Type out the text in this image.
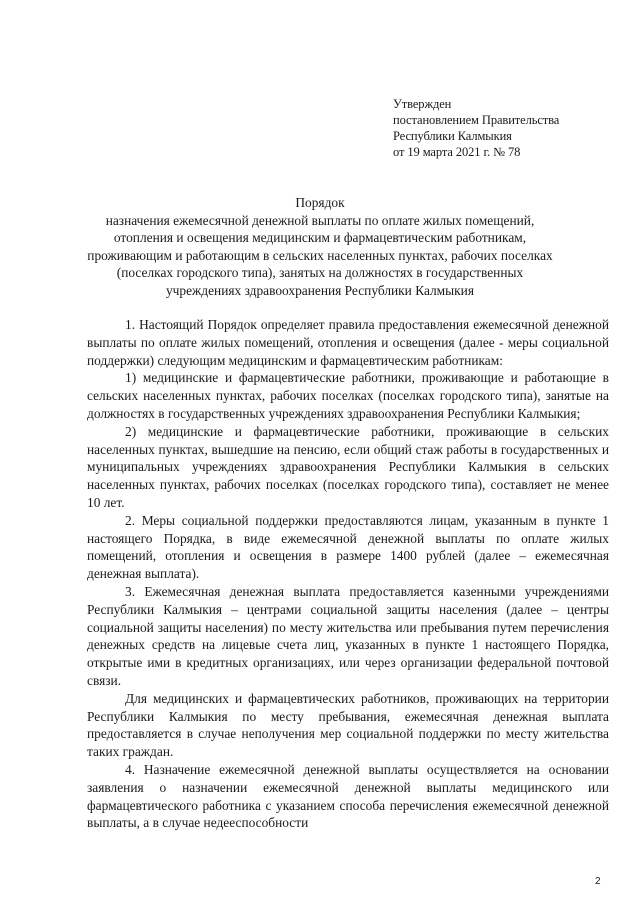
Утвержден
постановлением Правительства
Республики Калмыкия
от 19 марта 2021 г. № 78
Порядок
назначения ежемесячной денежной выплаты по оплате жилых помещений,
отопления и освещения медицинским и фармацевтическим работникам,
проживающим и работающим в сельских населенных пунктах, рабочих поселках
(поселках городского типа), занятых на должностях в государственных
учреждениях здравоохранения Республики Калмыкия

1. Настоящий Порядок определяет правила предоставления ежемесячной денежной выплаты по оплате жилых помещений, отопления и освещения (далее - меры социальной поддержки) следующим медицинским и фармацевтическим работникам:

1) медицинские и фармацевтические работники, проживающие и работающие в сельских населенных пунктах, рабочих поселках (поселках городского типа), занятые на должностях в государственных учреждениях здравоохранения Республики Калмыкия;

2) медицинские и фармацевтические работники, проживающие в сельских населенных пунктах, вышедшие на пенсию, если общий стаж работы в государственных и муниципальных учреждениях здравоохранения Республики Калмыкия в сельских населенных пунктах, рабочих поселках (поселках городского типа), составляет не менее 10 лет.

2. Меры социальной поддержки предоставляются лицам, указанным в пункте 1 настоящего Порядка, в виде ежемесячной денежной выплаты по оплате жилых помещений, отопления и освещения в размере 1400 рублей (далее – ежемесячная денежная выплата).

3. Ежемесячная денежная выплата предоставляется казенными учреждениями Республики Калмыкия – центрами социальной защиты населения (далее – центры социальной защиты населения) по месту жительства или пребывания путем перечисления денежных средств на лицевые счета лиц, указанных в пункте 1 настоящего Порядка, открытые ими в кредитных организациях, или через организации федеральной почтовой связи.

Для медицинских и фармацевтических работников, проживающих на территории Республики Калмыкия по месту пребывания, ежемесячная денежная выплата предоставляется в случае неполучения мер социальной поддержки по месту жительства таких граждан.

4. Назначение ежемесячной денежной выплаты осуществляется на основании заявления о назначении ежемесячной денежной выплаты медицинского или фармацевтического работника с указанием способа перечисления ежемесячной денежной выплаты, а в случае недееспособности

2
